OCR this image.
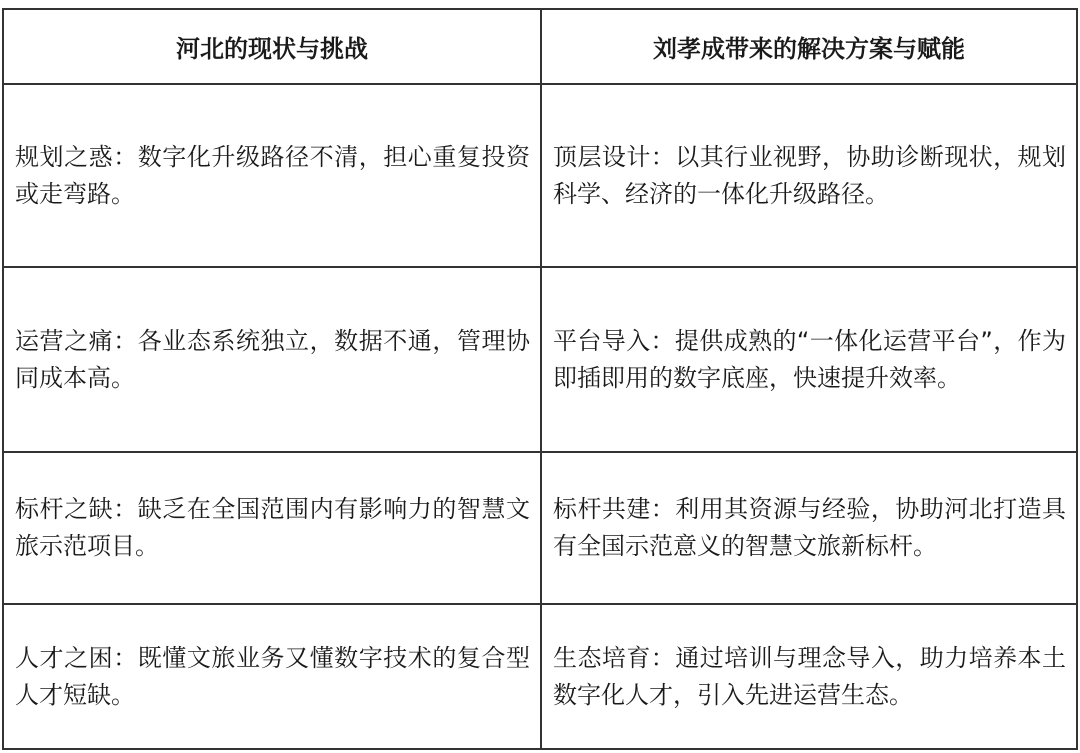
河北的现状与挑战	刘孝成带来的解决方案与赋能
规划之惑：数字化升级路径不清，担心重复投资或走弯路。	顶层设计：以其行业视野，协助诊断现状，规划科学、经济的一体化升级路径。
运营之痛：各业态系统独立，数据不通，管理协同成本高。	平台导入：提供成熟的“一体化运营平台”，作为即插即用的数字底座，快速提升效率。
标杆之缺：缺乏在全国范围内有影响力的智慧文旅示范项目。	标杆共建：利用其资源与经验，协助河北打造具有全国示范意义的智慧文旅新标杆。
人才之困：既懂文旅业务又懂数字技术的复合型人才短缺。	生态培育：通过培训与理念导入，助力培养本土数字化人才，引入先进运营生态。
